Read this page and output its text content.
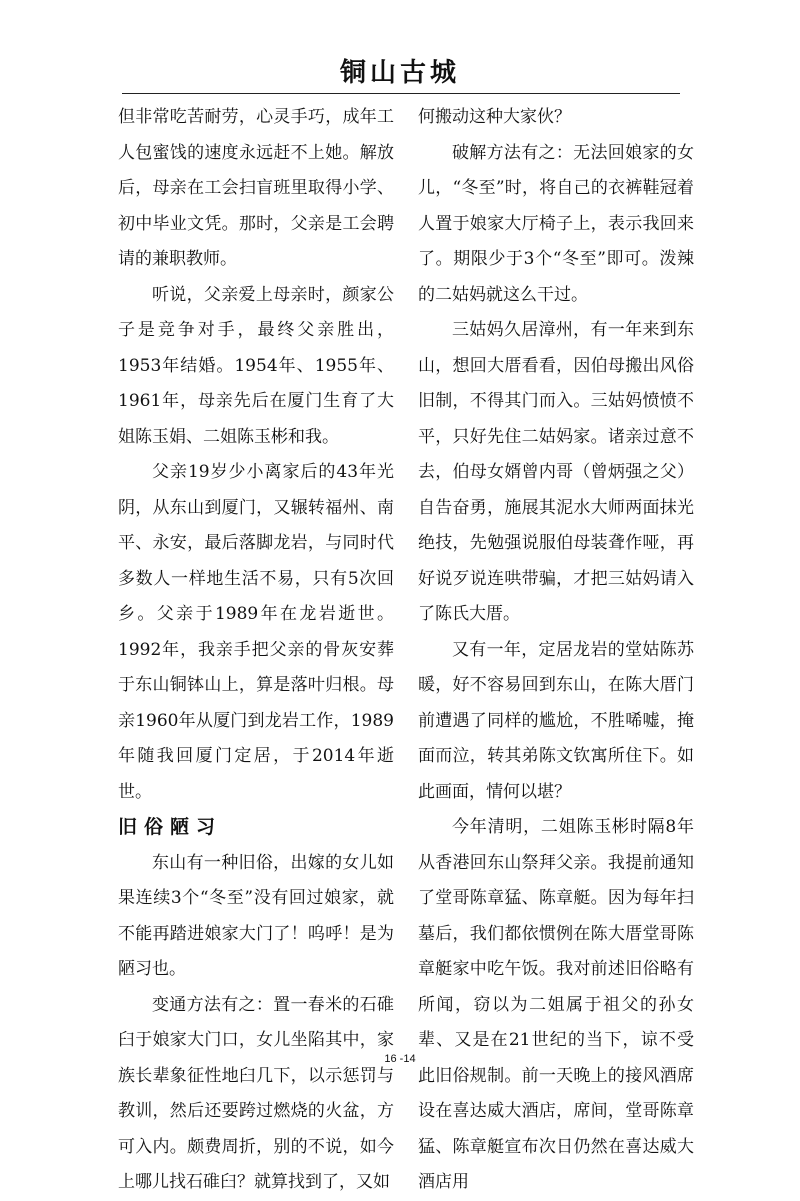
铜山古城

但非常吃苦耐劳，心灵手巧，成年工人包蜜饯的速度永远赶不上她。解放后，母亲在工会扫盲班里取得小学、初中毕业文凭。那时，父亲是工会聘请的兼职教师。

听说，父亲爱上母亲时，颜家公子是竞争对手，最终父亲胜出，1953年结婚。1954年、1955年、1961年，母亲先后在厦门生育了大姐陈玉娟、二姐陈玉彬和我。

父亲19岁少小离家后的43年光阴，从东山到厦门，又辗转福州、南平、永安，最后落脚龙岩，与同时代多数人一样地生活不易，只有5次回乡。父亲于1989年在龙岩逝世。1992年，我亲手把父亲的骨灰安葬于东山铜钵山上，算是落叶归根。母亲1960年从厦门到龙岩工作，1989年随我回厦门定居，于2014年逝世。

旧俗陋习

东山有一种旧俗，出嫁的女儿如果连续3个“冬至”没有回过娘家，就不能再踏进娘家大门了！呜呼！是为陋习也。

变通方法有之：置一春米的石碓臼于娘家大门口，女儿坐陷其中，家族长辈象征性地臼几下，以示惩罚与教训，然后还要跨过燃烧的火盆，方可入内。颇费周折，别的不说，如今上哪儿找石碓臼？就算找到了，又如

何搬动这种大家伙？

破解方法有之：无法回娘家的女儿，“冬至”时，将自己的衣裤鞋冠着人置于娘家大厅椅子上，表示我回来了。期限少于3个“冬至”即可。泼辣的二姑妈就这么干过。

三姑妈久居漳州，有一年来到东山，想回大厝看看，因伯母搬出风俗旧制，不得其门而入。三姑妈愤愤不平，只好先住二姑妈家。诸亲过意不去，伯母女婿曾内哥（曾炳强之父）自告奋勇，施展其泥水大师两面抹光绝技，先勉强说服伯母装聋作哑，再好说歹说连哄带骗，才把三姑妈请入了陈氏大厝。

又有一年，定居龙岩的堂姑陈苏暖，好不容易回到东山，在陈大厝门前遭遇了同样的尴尬，不胜唏嘘，掩面而泣，转其弟陈文钦寓所住下。如此画面，情何以堪？

今年清明，二姐陈玉彬时隔8年从香港回东山祭拜父亲。我提前通知了堂哥陈章猛、陈章艇。因为每年扫墓后，我们都依惯例在陈大厝堂哥陈章艇家中吃午饭。我对前述旧俗略有所闻，窃以为二姐属于祖父的孙女辈、又是在21世纪的当下，谅不受此旧俗规制。前一天晚上的接风酒席设在喜达威大酒店，席间，堂哥陈章猛、陈章艇宣布次日仍然在喜达威大酒店用

16 -14
